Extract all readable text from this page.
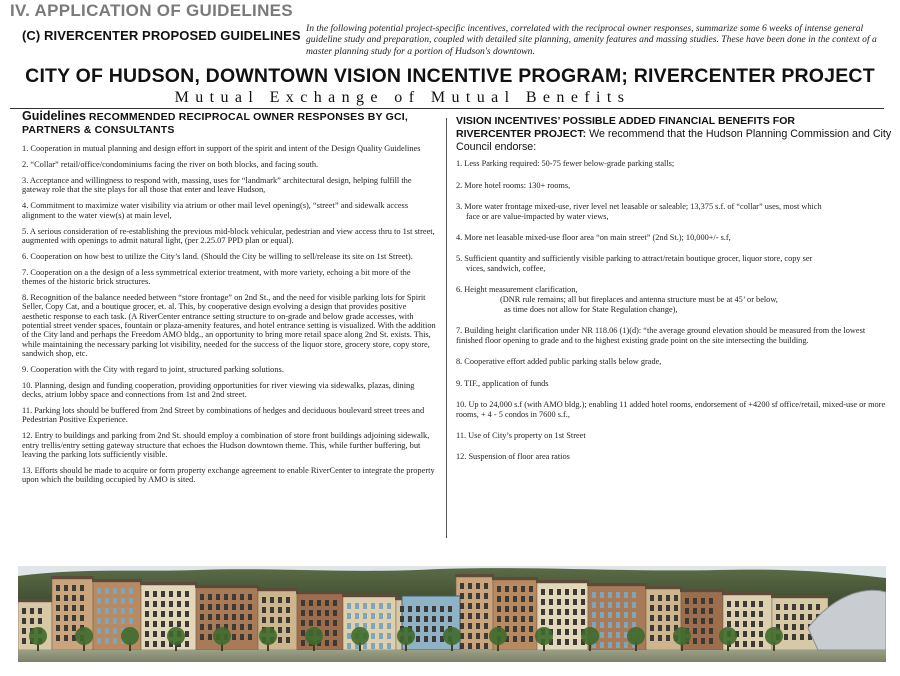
IV. APPLICATION OF GUIDELINES
(C) RIVERCENTER PROPOSED GUIDELINES In the following potential project-specific incentives, correlated with the reciprocal owner responses, summarize some 6 weeks of intense general guideline study and preparation, coupled with detailed site planning, amenity features and massing studies. These have been done in the context of a master planning study for a portion of Hudson's downtown.
CITY OF HUDSON, DOWNTOWN VISION INCENTIVE PROGRAM; RIVERCENTER PROJECT
Mutual Exchange of Mutual Benefits
Guidelines RECOMMENDED RECIPROCAL OWNER RESPONSES BY GCI,
PARTNERS & CONSULTANTS

1. Cooperation in mutual planning and design effort in support of the spirit and intent of the Design Quality Guidelines

2. “Collar” retail/office/condominiums facing the river on both blocks, and facing south.

3. Acceptance and willingness to respond with, massing, uses for “landmark” architectural design, helping fulfill the gateway role that the site plays for all those that enter and leave Hudson,

4. Commitment to maximize water visibility via atrium or other mail level opening(s), “street” and sidewalk access alignment to the water view(s) at main level,

5. A serious consideration of re-establishing the previous mid-block vehicular, pedestrian and view access thru to 1st street, augmented with openings to admit natural light, (per 2.25.07 PPD plan or equal).

6. Cooperation on how best to utilize the City’s land. (Should the City be willing to sell/release its site on 1st Street).

7. Cooperation on a the design of a less symmetrical exterior treatment, with more variety, echoing a bit more of the themes of the historic brick structures.

8. Recognition of the balance needed between “store frontage” on 2nd St., and the need for visible parking lots for Spirit Seller, Copy Cat, and a boutique grocer, et. al. This, by cooperative design evolving a design that provides positive aesthetic response to each task. (A RiverCenter entrance setting structure to on-grade and below grade accesses, with potential street vender spaces, fountain or plaza-amenity features, and hotel entrance setting is visualized. With the addition of the City land and perhaps the Freedom AMO bldg., an opportunity to bring more retail space along 2nd St. exists. This, while maintaining the necessary parking lot visibility, needed for the success of the liquor store, grocery store, copy store, sandwich shop, etc.

9. Cooperation with the City with regard to joint, structured parking solutions.

10. Planning, design and funding cooperation, providing opportunities for river viewing via sidewalks, plazas, dining decks, atrium lobby space and connections from 1st and 2nd street.

11. Parking lots should be buffered from 2nd Street by combinations of hedges and deciduous boulevard street trees and Pedestrian Positive Experience.

12. Entry to buildings and parking from 2nd St. should employ a combination of store front buildings adjoining sidewalk, entry trellis/entry setting gateway structure that echoes the Hudson downtown theme. This, while further buffering, but leaving the parking lots sufficiently visible.

13. Efforts should be made to acquire or form property exchange agreement to enable RiverCenter to integrate the property upon which the building occupied by AMO is sited.

VISION INCENTIVES’ POSSIBLE ADDED FINANCIAL BENEFITS FOR
RIVERCENTER PROJECT: We recommend that the Hudson Planning Commission and City Council endorse:

1. Less Parking required: 50-75 fewer below-grade parking stalls;

2. More hotel rooms: 130+ rooms,

3. More water frontage mixed-use, river level net leasable or saleable; 13,375 s.f. of “collar” uses, most which
face or are value-impacted by water views,

4. More net leasable mixed-use floor area “on main street” (2nd St.); 10,000+/- s.f,

5. Sufficient quantity and sufficiently visible parking to attract/retain boutique grocer, liquor store, copy ser
vices, sandwich, coffee,

6. Height measurement clarification,
(DNR rule remains; all but fireplaces and antenna structure must be at 45’ or below,
as time does not allow for State Regulation change),

7. Building height clarification under NR 118.06 (1)(d): “the average ground elevation should be measured from the lowest finished floor opening to grade and to the highest existing grade point on the site intersecting the building.

8. Cooperative effort added public parking stalls below grade,

9. TIF., application of funds

10. Up to 24,000 s.f (with AMO bldg.); enabling 11 added hotel rooms, endorsement of +4200 sf office/retail, mixed-use or more rooms, + 4 - 5 condos in 7600 s.f.,

11. Use of City’s property on 1st Street

12. Suspension of floor area ratios
